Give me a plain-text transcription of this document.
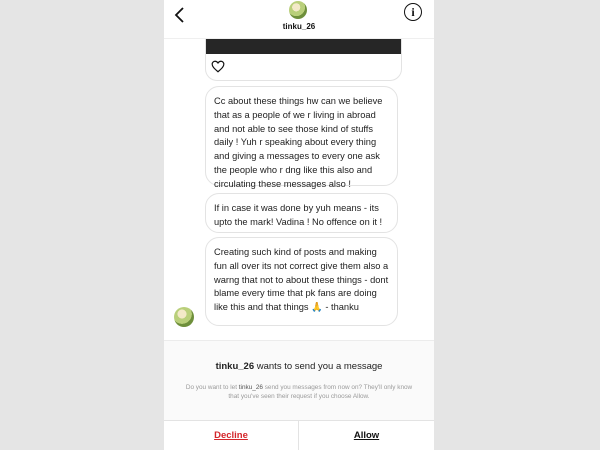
tinku_26
i
Cc about these things hw can we believe that as a people of we r living in abroad and not able to see those kind of stuffs daily ! Yuh r speaking about every thing and giving a messages to every one ask the people who r dng like this also and circulating these messages also !
If in case it was done by yuh means - its upto the mark! Vadina ! No offence on it !
Creating such kind of posts and making fun all over its not correct give them also a warng that not to about these things - dont blame every time that pk fans are doing like this and that things 🙏 - thanku
tinku_26 wants to send you a message
Do you want to let tinku_26 send you messages from now on? They'll only know that you've seen their request if you choose Allow.
Decline	Allow
